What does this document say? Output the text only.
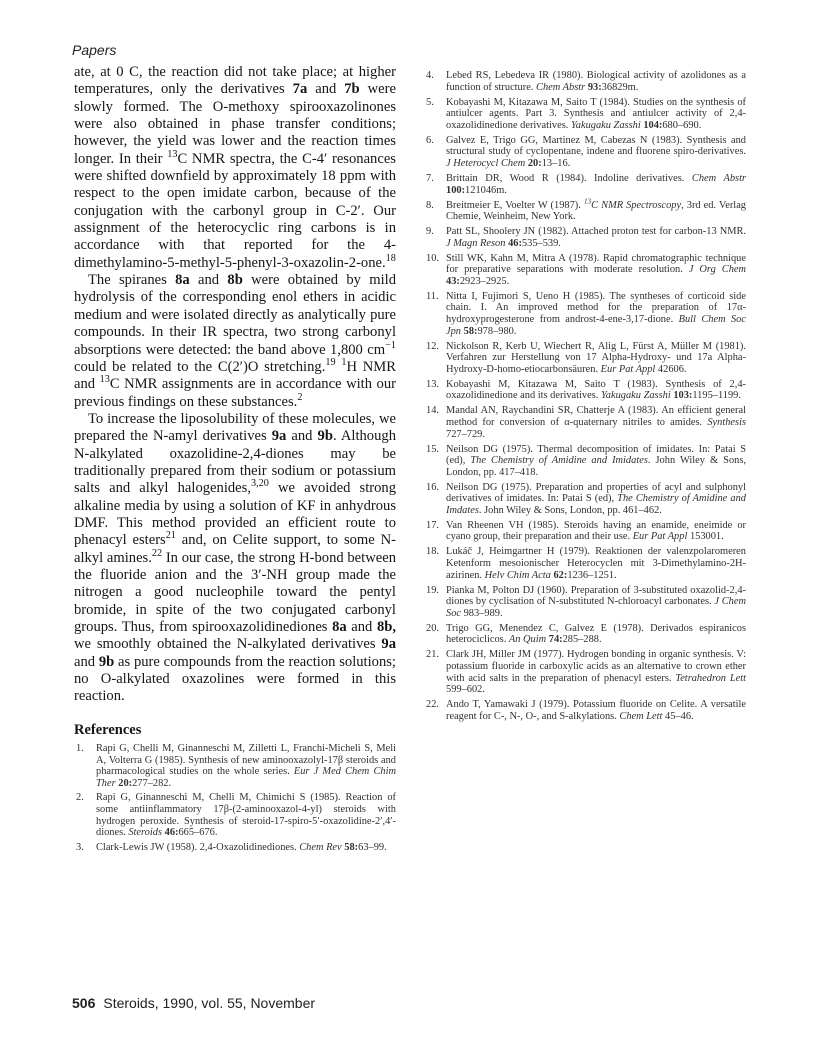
Papers

ate, at 0 C, the reaction did not take place; at higher temperatures, only the derivatives 7a and 7b were slowly formed. The O-methoxy spirooxazolinones were also obtained in phase transfer conditions; however, the yield was lower and the reaction times longer. In their $^{13}$C NMR spectra, the C-4′ resonances were shifted downfield by approximately 18 ppm with respect to the open imidate carbon, because of the conjugation with the carbonyl group in C-2′. Our assignment of the heterocyclic ring carbons is in accordance with that reported for the 4-dimethylamino-5-methyl-5-phenyl-3-oxazolin-2-one.$^{18}$

The spiranes 8a and 8b were obtained by mild hydrolysis of the corresponding enol ethers in acidic medium and were isolated directly as analytically pure compounds. In their IR spectra, two strong carbonyl absorptions were detected: the band above 1,800 $cm^{-1}$ could be related to the C(2′)O stretching.$^{19}$ $^1$H NMR and $^{13}$C NMR assignments are in accordance with our previous findings on these substances.$^2$

To increase the liposolubility of these molecules, we prepared the N-amyl derivatives 9a and 9b. Although N-alkylated oxazolidine-2,4-diones may be traditionally prepared from their sodium or potassium salts and alkyl halogenides,$^{3,20}$ we avoided strong alkaline media by using a solution of KF in anhydrous DMF. This method provided an efficient route to phenacyl esters$^{21}$ and, on Celite support, to some N-alkyl amines.$^{22}$ In our case, the strong H-bond between the fluoride anion and the 3′-NH group made the nitrogen a good nucleophile toward the pentyl bromide, in spite of the two conjugated carbonyl groups. Thus, from spirooxazolidinediones 8a and 8b, we smoothly obtained the N-alkylated derivatives 9a and 9b as pure compounds from the reaction solutions; no O-alkylated oxazolines were formed in this reaction.

References
1.	Rapi G, Chelli M, Ginanneschi M, Zilletti L, Franchi-Micheli S, Meli A, Volterra G (1985). Synthesis of new aminooxazolyl-17β steroids and pharmacological studies on the whole series. Eur J Med Chem Chim Ther 20:277–282.
2.	Rapi G, Ginanneschi M, Chelli M, Chimichi S (1985). Reaction of some antiinflammatory 17β-(2-aminooxazol-4-yl) steroids with hydrogen peroxide. Synthesis of steroid-17-spiro-5′-oxazolidine-2′,4′-diones. Steroids 46:665–676.
3.	Clark-Lewis JW (1958). 2,4-Oxazolidinediones. Chem Rev 58:63–99.
4.	Lebed RS, Lebedeva IR (1980). Biological activity of azolidones as a function of structure. Chem Abstr 93:36829m.
5.	Kobayashi M, Kitazawa M, Saito T (1984). Studies on the synthesis of antiulcer agents. Part 3. Synthesis and antiulcer activity of 2,4-oxazolidinedione derivatives. Yakugaku Zasshi 104:680–690.
6.	Galvez E, Trigo GG, Martinez M, Cabezas N (1983). Synthesis and structural study of cyclopentane, indene and fluorene spiro-derivatives. J Heterocycl Chem 20:13–16.
7.	Brittain DR, Wood R (1984). Indoline derivatives. Chem Abstr 100:121046m.
8.	Breitmeier E, Voelter W (1987). $^{13}$C NMR Spectroscopy, 3rd ed. Verlag Chemie, Weinheim, New York.
9.	Patt SL, Shoolery JN (1982). Attached proton test for carbon-13 NMR. J Magn Reson 46:535–539.
10. Still WK, Kahn M, Mitra A (1978). Rapid chromatographic technique for preparative separations with moderate resolution. J Org Chem 43:2923–2925.
11. Nitta I, Fujimori S, Ueno H (1985). The syntheses of corticoid side chain. I. An improved method for the preparation of 17α-hydroxyprogesterone from androst-4-ene-3,17-dione. Bull Chem Soc Jpn 58:978–980.
12. Nickolson R, Kerb U, Wiechert R, Alig L, Fürst A, Müller M (1981). Verfahren zur Herstellung von 17 Alpha-Hydroxy- und 17a Alpha-Hydroxy-D-homo-etiocarbonsäuren. Eur Pat Appl 42606.
13. Kobayashi M, Kitazawa M, Saito T (1983). Synthesis of 2,4-oxazolidinedione and its derivatives. Yakugaku Zasshi 103:1195–1199.
14. Mandal AN, Raychandini SR, Chatterje A (1983). An efficient general method for conversion of α-quaternary nitriles to amides. Synthesis 727–729.
15. Neilson DG (1975). Thermal decomposition of imidates. In: Patai S (ed), The Chemistry of Amidine and Imidates. John Wiley & Sons, London, pp. 417–418.
16. Neilson DG (1975). Preparation and properties of acyl and sulphonyl derivatives of imidates. In: Patai S (ed), The Chemistry of Amidine and Imdates. John Wiley & Sons, London, pp. 461–462.
17. Van Rheenen VH (1985). Steroids having an enamide, eneimide or cyano group, their preparation and their use. Eur Pat Appl 153001.
18. Lukáč J, Heimgartner H (1979). Reaktionen der valenzpolaromeren Ketenform mesoionischer Heterocyclen mit 3-Dimethylamino-2H-azirinen. Helv Chim Acta 62:1236–1251.
19. Pianka M, Polton DJ (1960). Preparation of 3-substituted oxazolid-2,4-diones by cyclisation of N-substituted N-chloroacyl carbonates. J Chem Soc 983–989.
20. Trigo GG, Menendez C, Galvez E (1978). Derivados espiranicos heterociclicos. An Quim 74:285–288.
21. Clark JH, Miller JM (1977). Hydrogen bonding in organic synthesis. V: potassium fluoride in carboxylic acids as an alternative to crown ether with acid salts in the preparation of phenacyl esters. Tetrahedron Lett 599–602.
22. Ando T, Yamawaki J (1979). Potassium fluoride on Celite. A versatile reagent for C-, N-, O-, and S-alkylations. Chem Lett 45–46.
506 Steroids, 1990, vol. 55, November
